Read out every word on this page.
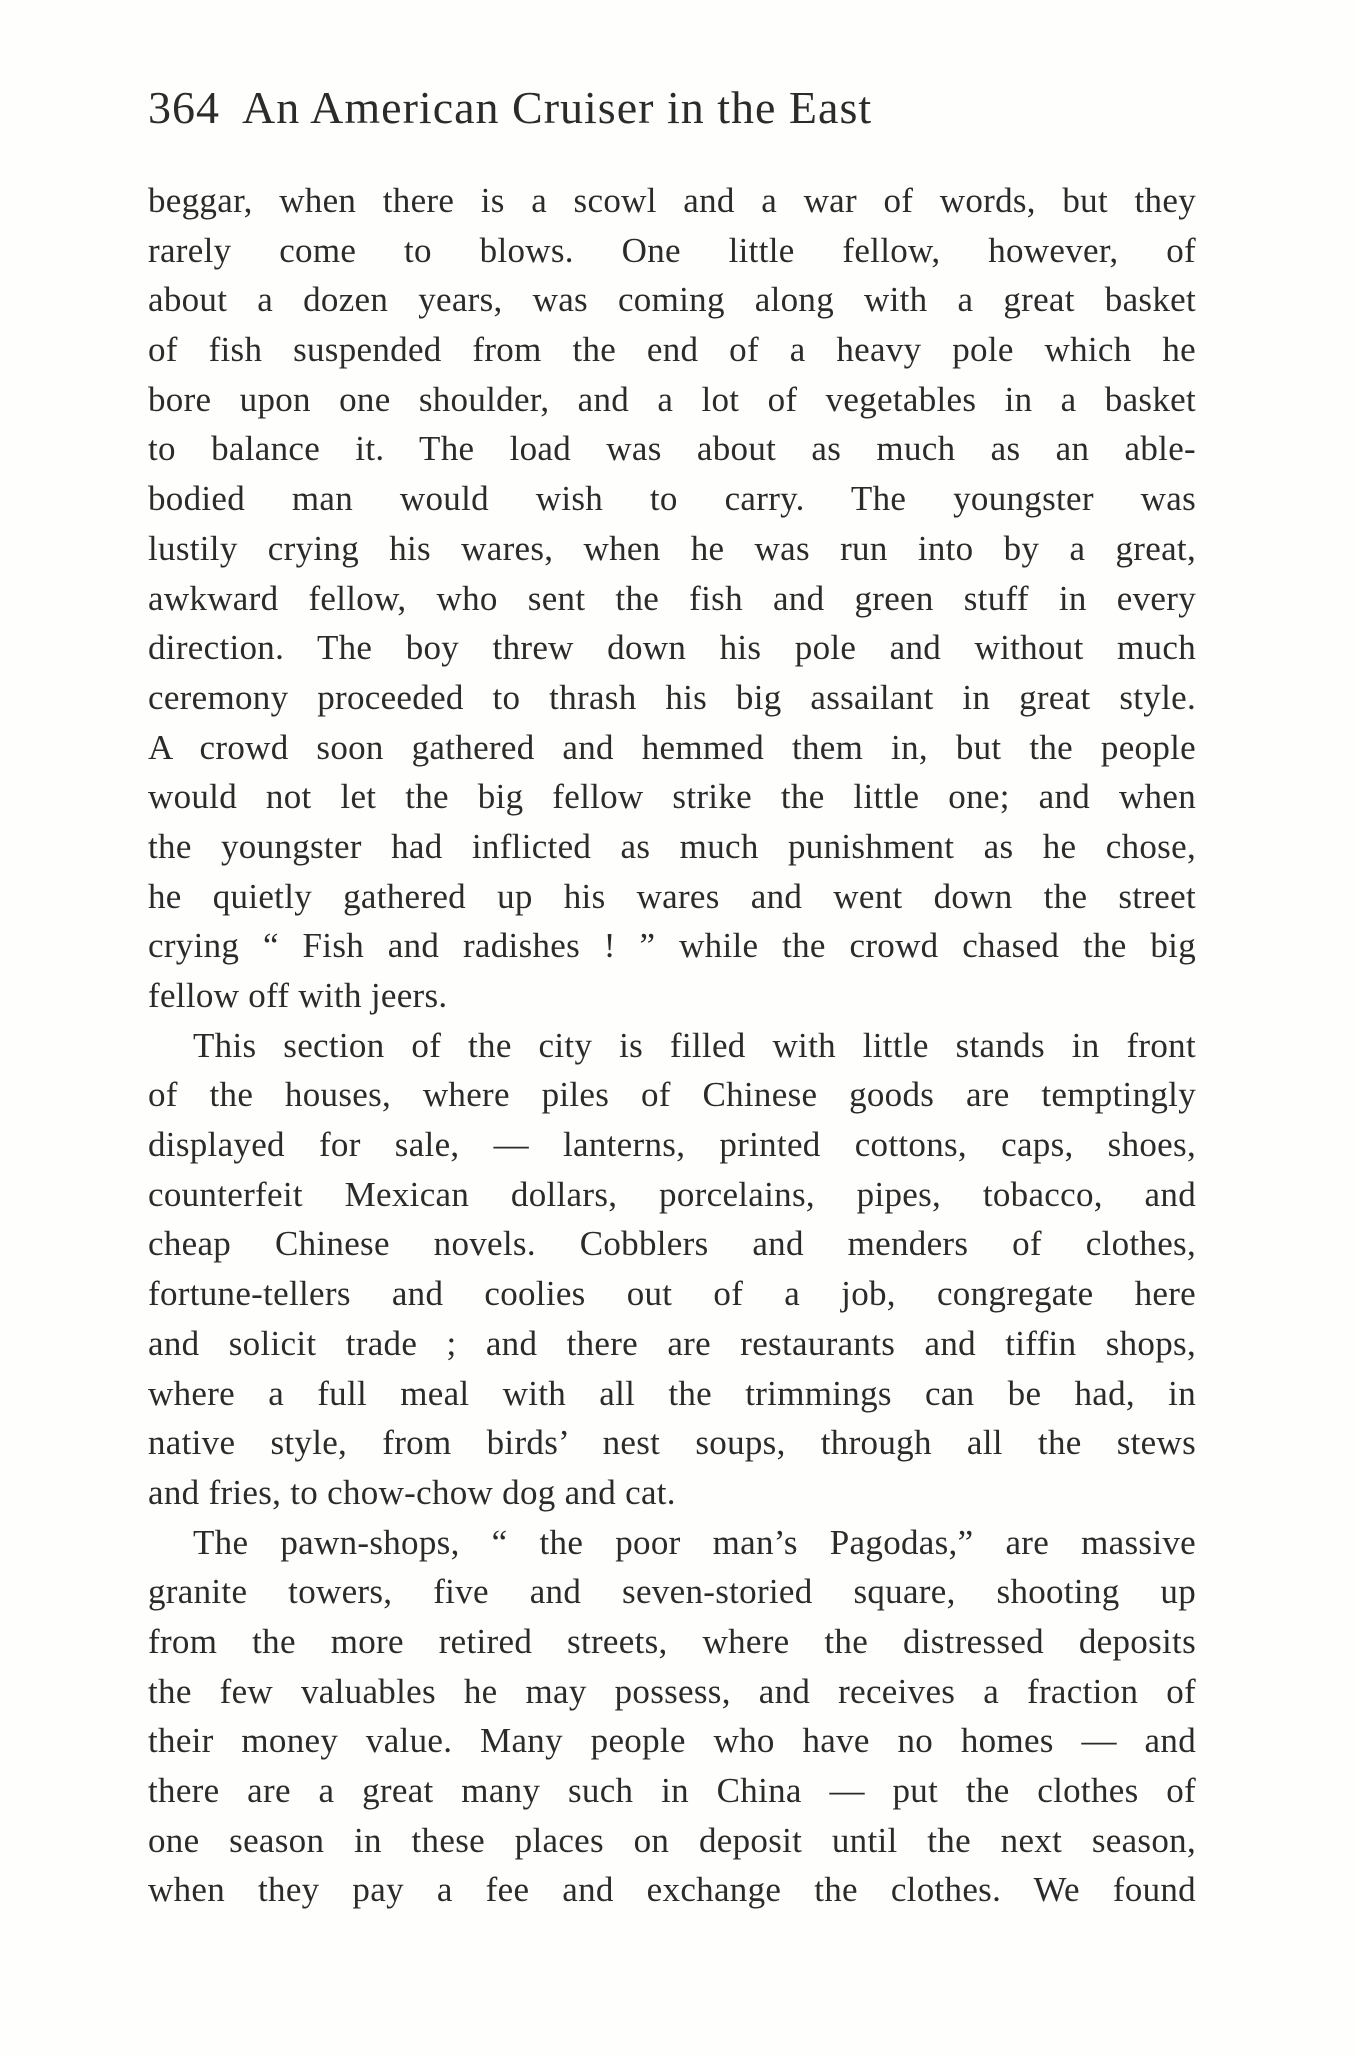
364 An American Cruiser in the East
beggar, when there is a scowl and a war of words, but they
rarely come to blows. One little fellow, however, of
about a dozen years, was coming along with a great basket
of fish suspended from the end of a heavy pole which he
bore upon one shoulder, and a lot of vegetables in a basket
to balance it. The load was about as much as an able-
bodied man would wish to carry. The youngster was
lustily crying his wares, when he was run into by a great,
awkward fellow, who sent the fish and green stuff in every
direction. The boy threw down his pole and without much
ceremony proceeded to thrash his big assailant in great style.
A crowd soon gathered and hemmed them in, but the people
would not let the big fellow strike the little one; and when
the youngster had inflicted as much punishment as he chose,
he quietly gathered up his wares and went down the street
crying “ Fish and radishes ! ” while the crowd chased the big
fellow off with jeers.
This section of the city is filled with little stands in front
of the houses, where piles of Chinese goods are temptingly
displayed for sale, — lanterns, printed cottons, caps, shoes,
counterfeit Mexican dollars, porcelains, pipes, tobacco, and
cheap Chinese novels. Cobblers and menders of clothes,
fortune-tellers and coolies out of a job, congregate here
and solicit trade ; and there are restaurants and tiffin shops,
where a full meal with all the trimmings can be had, in
native style, from birds’ nest soups, through all the stews
and fries, to chow-chow dog and cat.
The pawn-shops, “ the poor man’s Pagodas,” are massive
granite towers, five and seven-storied square, shooting up
from the more retired streets, where the distressed deposits
the few valuables he may possess, and receives a fraction of
their money value. Many people who have no homes — and
there are a great many such in China — put the clothes of
one season in these places on deposit until the next season,
when they pay a fee and exchange the clothes. We found
